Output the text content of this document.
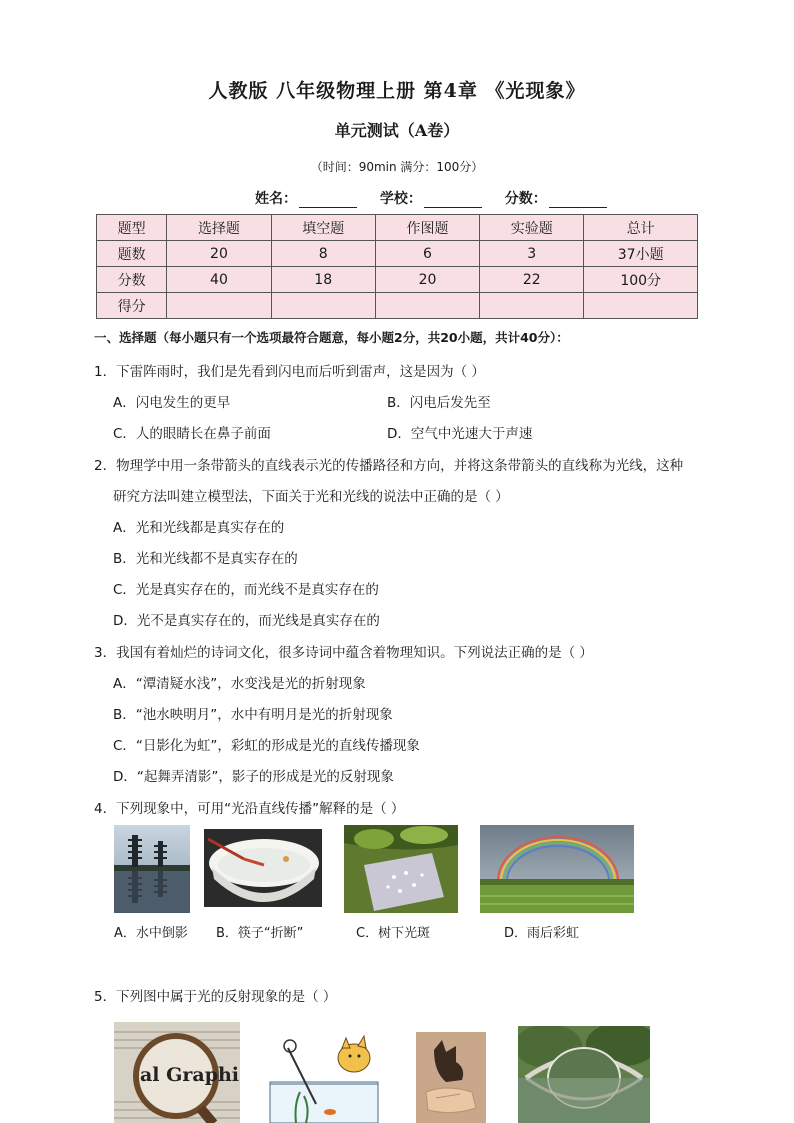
人教版 八年级物理上册 第4章 《光现象》
单元测试（A卷）
（时间：90min 满分：100分）
姓名：	学校：	分数：
题型	选择题	填空题	作图题	实验题	总计
题数	20	8	6	3	37小题
分数	40	18	20	22	100分
得分					
一、选择题（每小题只有一个选项最符合题意，每小题2分，共20小题，共计40分）：
1．下雷阵雨时，我们是先看到闪电而后听到雷声，这是因为（ ）
A．闪电发生的更早	B．闪电后发先至
C．人的眼睛长在鼻子前面	D．空气中光速大于声速
2．物理学中用一条带箭头的直线表示光的传播路径和方向，并将这条带箭头的直线称为光线，这种
研究方法叫建立模型法，下面关于光和光线的说法中正确的是（ ）
A．光和光线都是真实存在的
B．光和光线都不是真实存在的
C．光是真实存在的，而光线不是真实存在的
D．光不是真实存在的，而光线是真实存在的
3．我国有着灿烂的诗词文化，很多诗词中蕴含着物理知识。下列说法正确的是（ ）
A．“潭清疑水浅”，水变浅是光的折射现象
B．“池水映明月”，水中有明月是光的折射现象
C．“日影化为虹”，彩虹的形成是光的直线传播现象
D．“起舞弄清影”，影子的形成是光的反射现象
4．下列现象中，可用“光沿直线传播”解释的是（ ）
A．水中倒影 B．筷子“折断”	C．树下光斑	D．雨后彩虹
5．下列图中属于光的反射现象的是（ ）
al Graphi
